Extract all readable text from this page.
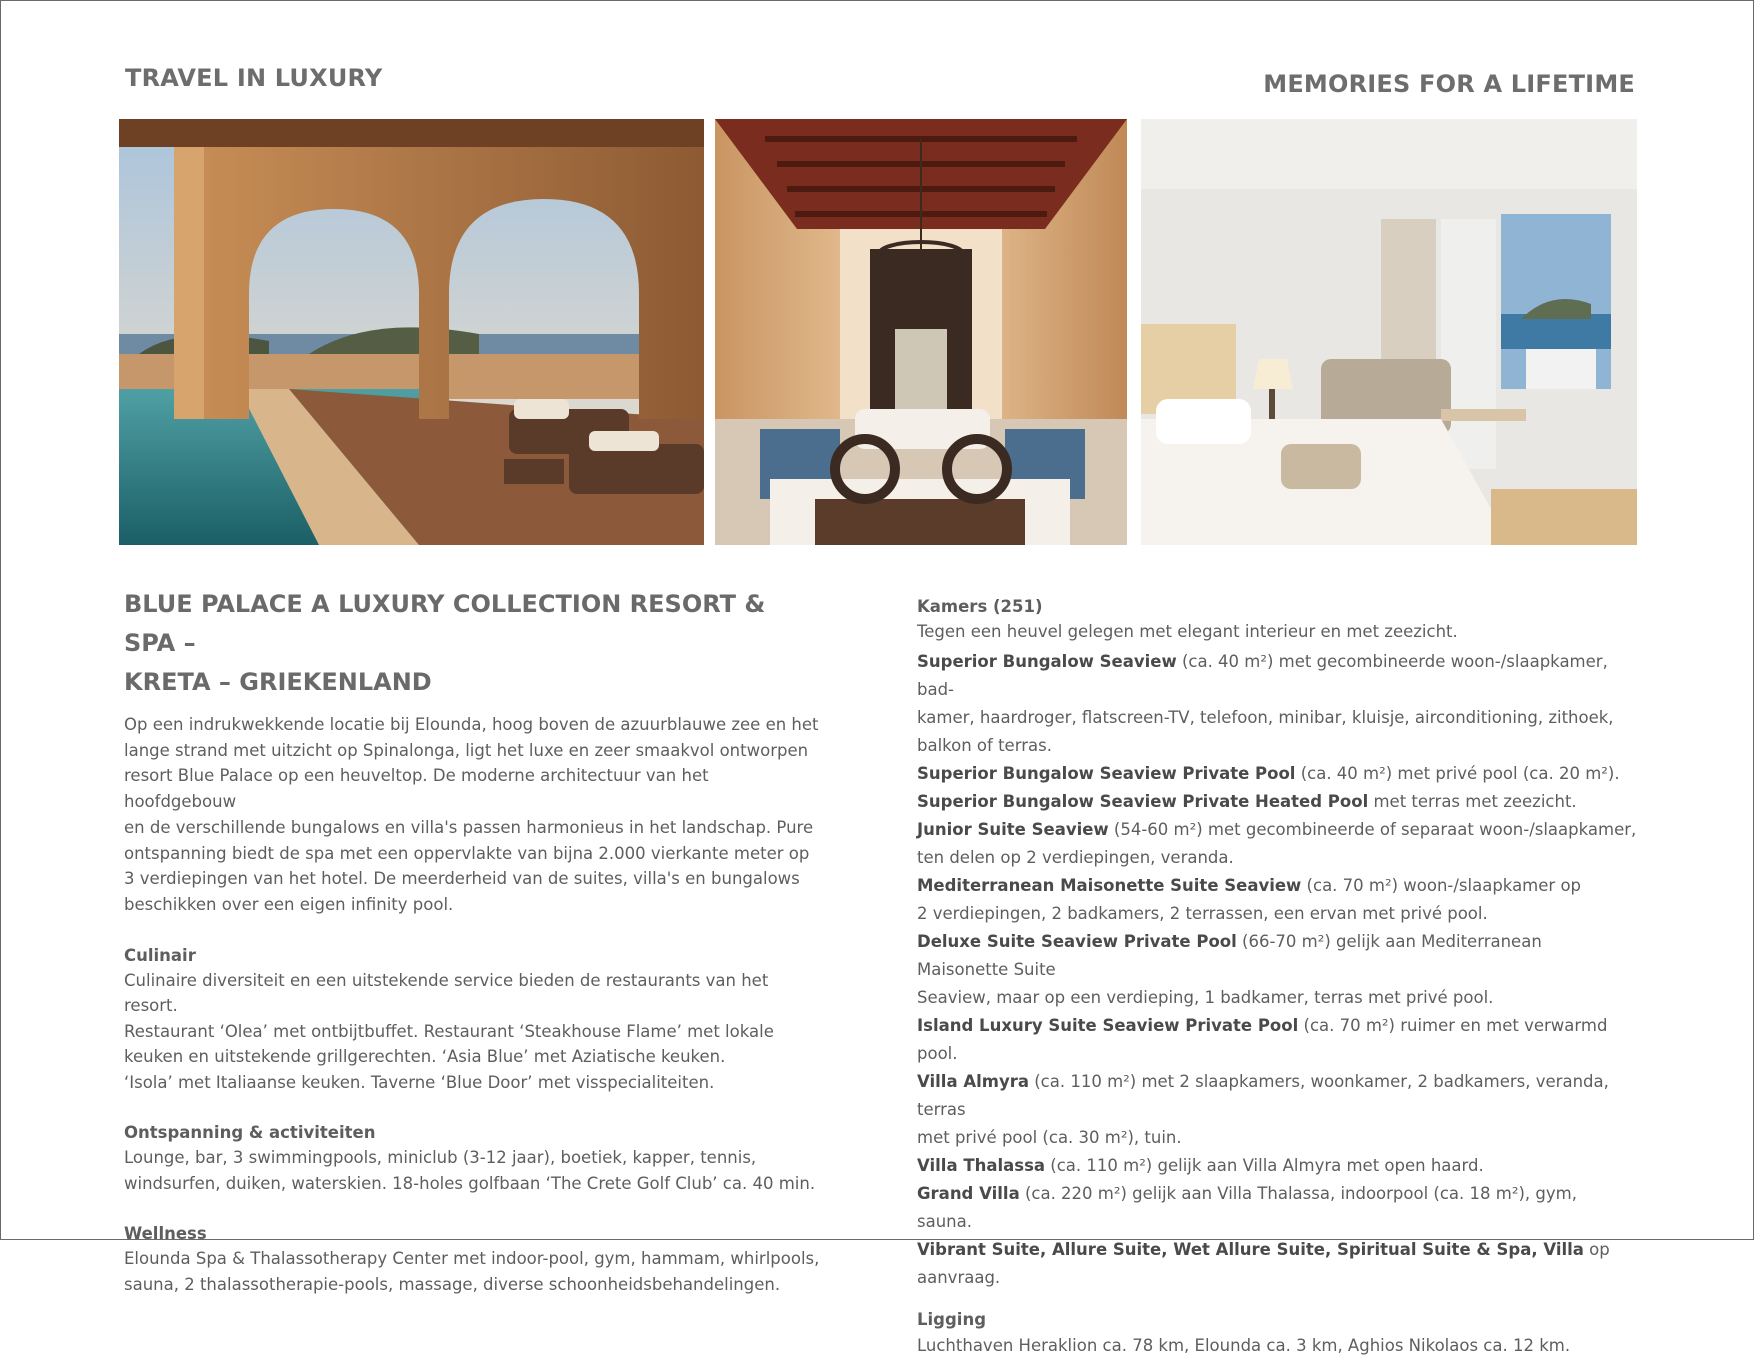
TRAVEL IN LUXURY	MEMORIES FOR A LIFETIME
BLUE PALACE A LUXURY COLLECTION RESORT & SPA –
KRETA – GRIEKENLAND

Op een indrukwekkende locatie bij Elounda, hoog boven de azuurblauwe zee en het
lange strand met uitzicht op Spinalonga, ligt het luxe en zeer smaakvol ontworpen
resort Blue Palace op een heuveltop. De moderne architectuur van het hoofdgebouw
en de verschillende bungalows en villa's passen harmonieus in het landschap. Pure
ontspanning biedt de spa met een oppervlakte van bijna 2.000 vierkante meter op
3 verdiepingen van het hotel. De meerderheid van de suites, villa's en bungalows
beschikken over een eigen infinity pool.

Culinair
Culinaire diversiteit en een uitstekende service bieden de restaurants van het resort.
Restaurant ‘Olea’ met ontbijtbuffet. Restaurant ‘Steakhouse Flame’ met lokale
keuken en uitstekende grillgerechten. ‘Asia Blue’ met Aziatische keuken.
‘Isola’ met Italiaanse keuken. Taverne ‘Blue Door’ met visspecialiteiten.
Ontspanning & activiteiten
Lounge, bar, 3 swimmingpools, miniclub (3-12 jaar), boetiek, kapper, tennis,
windsurfen, duiken, waterskien. 18-holes golfbaan ‘The Crete Golf Club’ ca. 40 min.
Wellness
Elounda Spa & Thalassotherapy Center met indoor-pool, gym, hammam, whirlpools,
sauna, 2 thalassotherapie-pools, massage, diverse schoonheidsbehandelingen.
Kamers (251)
Tegen een heuvel gelegen met elegant interieur en met zeezicht.

Superior Bungalow Seaview (ca. 40 m²) met gecombineerde woon-/slaapkamer, bad-
kamer, haardroger, flatscreen-TV, telefoon, minibar, kluisje, airconditioning, zithoek,
balkon of terras.

Superior Bungalow Seaview Private Pool (ca. 40 m²) met privé pool (ca. 20 m²).

Superior Bungalow Seaview Private Heated Pool met terras met zeezicht.

Junior Suite Seaview (54-60 m²) met gecombineerde of separaat woon-/slaapkamer,
ten delen op 2 verdiepingen, veranda.

Mediterranean Maisonette Suite Seaview (ca. 70 m²) woon-/slaapkamer op
2 verdiepingen, 2 badkamers, 2 terrassen, een ervan met privé pool.

Deluxe Suite Seaview Private Pool (66-70 m²) gelijk aan Mediterranean Maisonette Suite
Seaview, maar op een verdieping, 1 badkamer, terras met privé pool.

Island Luxury Suite Seaview Private Pool (ca. 70 m²) ruimer en met verwarmd pool.

Villa Almyra (ca. 110 m²) met 2 slaapkamers, woonkamer, 2 badkamers, veranda, terras
met privé pool (ca. 30 m²), tuin.

Villa Thalassa (ca. 110 m²) gelijk aan Villa Almyra met open haard.

Grand Villa (ca. 220 m²) gelijk aan Villa Thalassa, indoorpool (ca. 18 m²), gym, sauna.

Vibrant Suite, Allure Suite, Wet Allure Suite, Spiritual Suite & Spa, Villa op aanvraag.

Ligging
Luchthaven Heraklion ca. 78 km, Elounda ca. 3 km, Aghios Nikolaos ca. 12 km.
